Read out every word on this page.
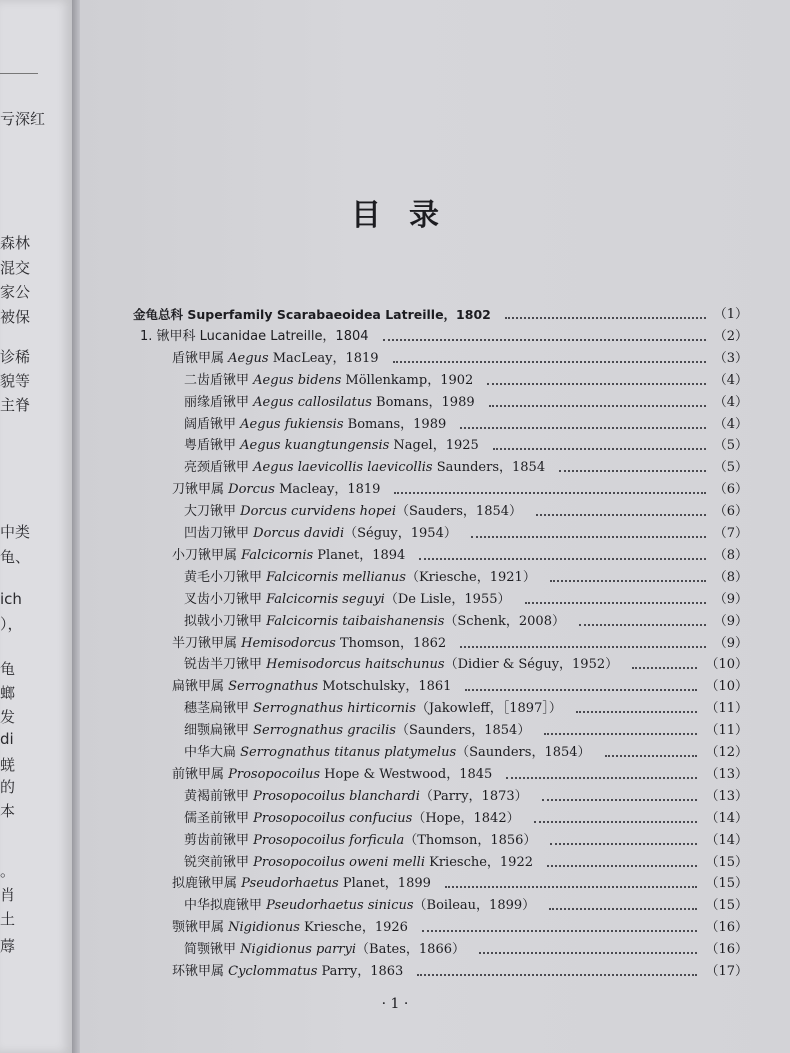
亏深红
森林
混交
家公
被保
诊稀
貌等
主脊
中类
龟、
ich
），
龟
螂
发
di
蜣
的
本
。
肖
土
蓐
目录
金龟总科 Superfamily Scarabaeoidea Latreille，1802	（1）
1. 锹甲科 Lucanidae Latreille，1804	（2）
盾锹甲属 Aegus MacLeay，1819	（3）
二齿盾锹甲 Aegus bidens Möllenkamp，1902	（4）
丽缘盾锹甲 Aegus callosilatus Bomans，1989	（4）
阔盾锹甲 Aegus fukiensis Bomans，1989	（4）
粤盾锹甲 Aegus kuangtungensis Nagel，1925	（5）
亮颈盾锹甲 Aegus laevicollis laevicollis Saunders，1854	（5）
刀锹甲属 Dorcus Macleay，1819	（6）
大刀锹甲 Dorcus curvidens hopei（Sauders，1854）	（6）
凹齿刀锹甲 Dorcus davidi（Séguy，1954）	（7）
小刀锹甲属 Falcicornis Planet，1894	（8）
黄毛小刀锹甲 Falcicornis mellianus（Kriesche，1921）	（8）
叉齿小刀锹甲 Falcicornis seguyi（De Lisle，1955）	（9）
拟戟小刀锹甲 Falcicornis taibaishanensis（Schenk，2008）	（9）
半刀锹甲属 Hemisodorcus Thomson，1862	（9）
锐齿半刀锹甲 Hemisodorcus haitschunus（Didier & Séguy，1952）	（10）
扁锹甲属 Serrognathus Motschulsky，1861	（10）
穗茎扁锹甲 Serrognathus hirticornis（Jakowleff，［1897］）	（11）
细颚扁锹甲 Serrognathus gracilis（Saunders，1854）	（11）
中华大扁 Serrognathus titanus platymelus（Saunders，1854）	（12）
前锹甲属 Prosopocoilus Hope & Westwood，1845	（13）
黄褐前锹甲 Prosopocoilus blanchardi（Parry，1873）	（13）
儒圣前锹甲 Prosopocoilus confucius（Hope，1842）	（14）
剪齿前锹甲 Prosopocoilus forficula（Thomson，1856）	（14）
锐突前锹甲 Prosopocoilus oweni melli Kriesche，1922	（15）
拟鹿锹甲属 Pseudorhaetus Planet，1899	（15）
中华拟鹿锹甲 Pseudorhaetus sinicus（Boileau，1899）	（15）
颚锹甲属 Nigidionus Kriesche，1926	（16）
简颚锹甲 Nigidionus parryi（Bates，1866）	（16）
环锹甲属 Cyclommatus Parry，1863	（17）
· 1 ·
